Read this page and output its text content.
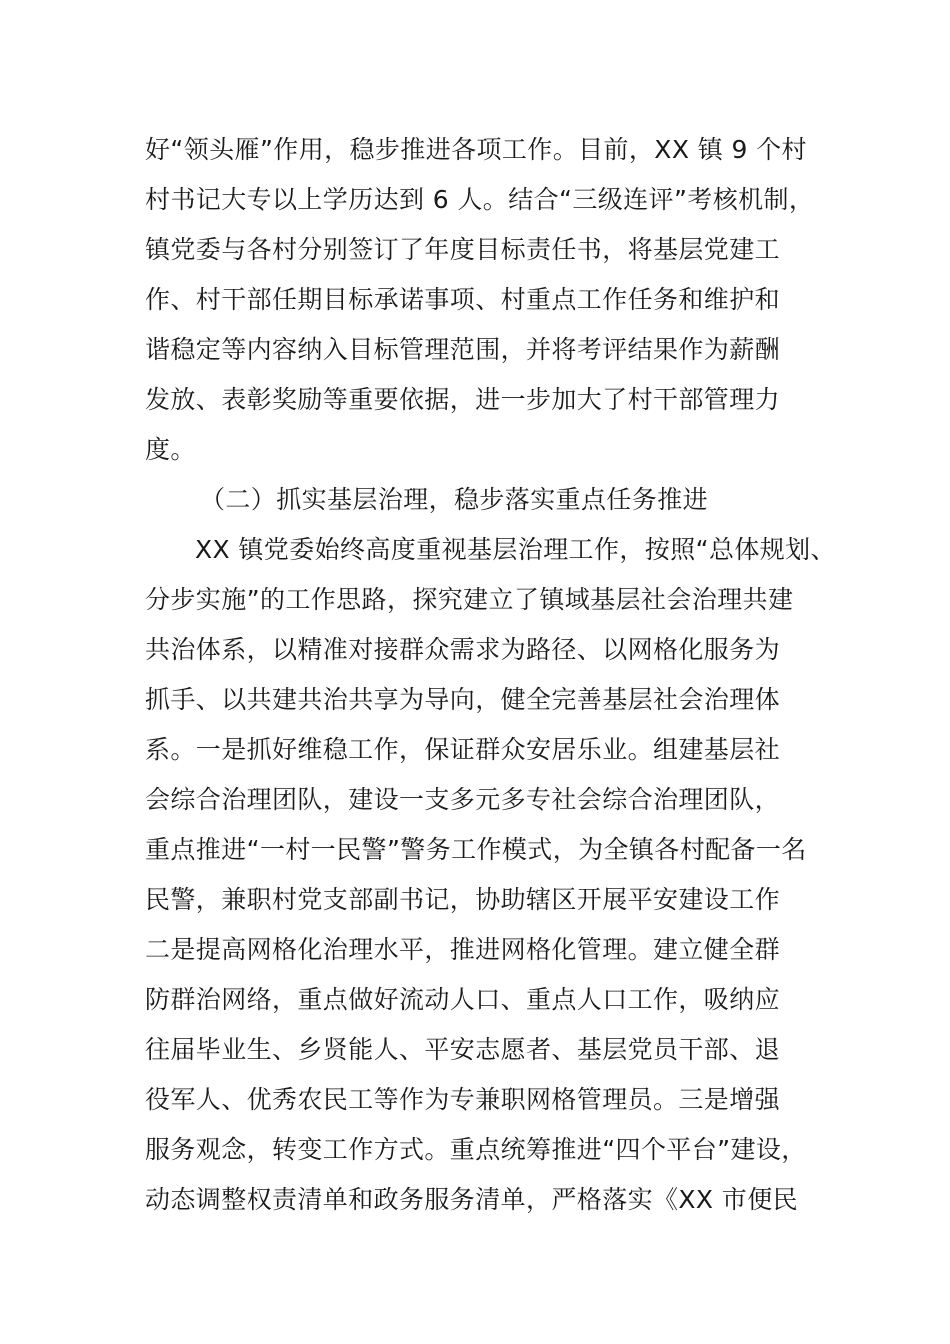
好“领头雁”作用，稳步推进各项工作。目前，XX 镇 9 个村
村书记大专以上学历达到 6 人。结合“三级连评”考核机制，
镇党委与各村分别签订了年度目标责任书，将基层党建工
作、村干部任期目标承诺事项、村重点工作任务和维护和
谐稳定等内容纳入目标管理范围，并将考评结果作为薪酬
发放、表彰奖励等重要依据，进一步加大了村干部管理力
度。
（二）抓实基层治理，稳步落实重点任务推进
XX 镇党委始终高度重视基层治理工作，按照“总体规划、
分步实施”的工作思路，探究建立了镇域基层社会治理共建
共治体系，以精准对接群众需求为路径、以网格化服务为
抓手、以共建共治共享为导向，健全完善基层社会治理体
系。一是抓好维稳工作，保证群众安居乐业。组建基层社
会综合治理团队，建设一支多元多专社会综合治理团队，
重点推进“一村一民警”警务工作模式，为全镇各村配备一名
民警，兼职村党支部副书记，协助辖区开展平安建设工作
二是提高网格化治理水平，推进网格化管理。建立健全群
防群治网络，重点做好流动人口、重点人口工作，吸纳应
往届毕业生、乡贤能人、平安志愿者、基层党员干部、退
役军人、优秀农民工等作为专兼职网格管理员。三是增强
服务观念，转变工作方式。重点统筹推进“四个平台”建设，
动态调整权责清单和政务服务清单，严格落实《XX 市便民
